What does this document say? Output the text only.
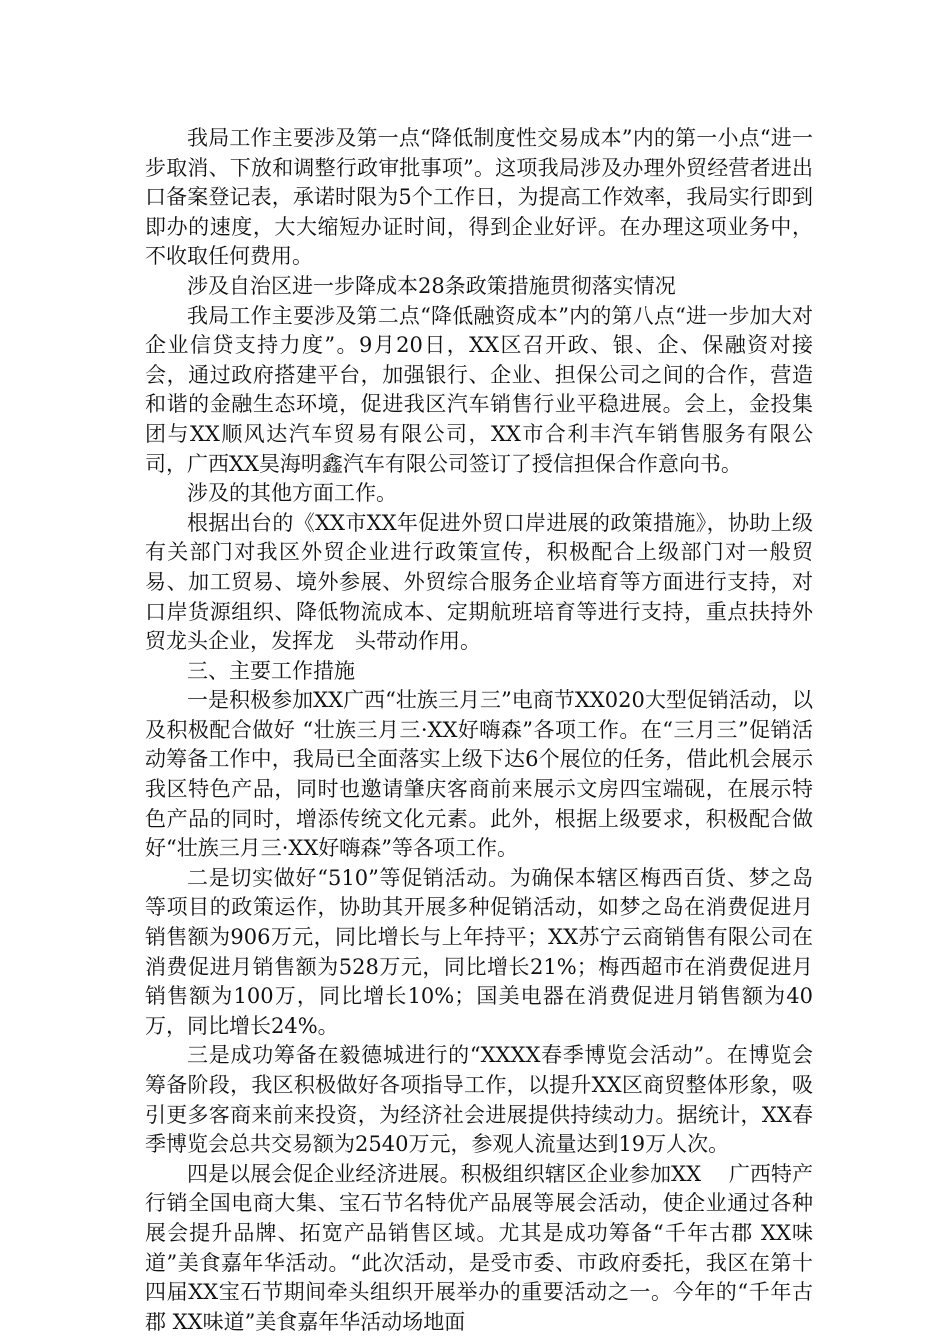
我局工作主要涉及第一点“降低制度性交易成本”内的第一小点“进一步取消、下放和调整行政审批事项”。这项我局涉及办理外贸经营者进出口备案登记表，承诺时限为5个工作日，为提高工作效率，我局实行即到即办的速度，大大缩短办证时间，得到企业好评。在办理这项业务中，不收取任何费用。

涉及自治区进一步降成本28条政策措施贯彻落实情况

我局工作主要涉及第二点“降低融资成本”内的第八点“进一步加大对企业信贷支持力度”。9月20日，XX区召开政、银、企、保融资对接会，通过政府搭建平台，加强银行、企业、担保公司之间的合作，营造和谐的金融生态环境，促进我区汽车销售行业平稳进展。会上，金投集团与XX顺风达汽车贸易有限公司，XX市合利丰汽车销售服务有限公司，广西XX昊海明鑫汽车有限公司签订了授信担保合作意向书。

涉及的其他方面工作。

根据出台的《XX市XX年促进外贸口岸进展的政策措施》，协助上级有关部门对我区外贸企业进行政策宣传，积极配合上级部门对一般贸易、加工贸易、境外参展、外贸综合服务企业培育等方面进行支持，对口岸货源组织、降低物流成本、定期航班培育等进行支持，重点扶持外贸龙头企业，发挥龙　头带动作用。

三、主要工作措施

一是积极参加XX广西“壮族三月三”电商节XX020大型促销活动，以及积极配合做好 “壮族三月三·XX好嗨森”各项工作。在“三月三”促销活动筹备工作中，我局已全面落实上级下达6个展位的任务，借此机会展示我区特色产品，同时也邀请肇庆客商前来展示文房四宝端砚，在展示特色产品的同时，增添传统文化元素。此外，根据上级要求，积极配合做好“壮族三月三·XX好嗨森”等各项工作。

二是切实做好“510”等促销活动。为确保本辖区梅西百货、梦之岛等项目的政策运作，协助其开展多种促销活动，如梦之岛在消费促进月销售额为906万元，同比增长与上年持平；XX苏宁云商销售有限公司在消费促进月销售额为528万元，同比增长21%；梅西超市在消费促进月销售额为100万，同比增长10%；国美电器在消费促进月销售额为40万，同比增长24%。

三是成功筹备在毅德城进行的“XXXX春季博览会活动”。在博览会筹备阶段，我区积极做好各项指导工作，以提升XX区商贸整体形象，吸引更多客商来前来投资，为经济社会进展提供持续动力。据统计，XX春季博览会总共交易额为2540万元，参观人流量达到19万人次。

四是以展会促企业经济进展。积极组织辖区企业参加XX　 广西特产行销全国电商大集、宝石节名特优产品展等展会活动，使企业通过各种展会提升品牌、拓宽产品销售区域。尤其是成功筹备“千年古郡 XX味道”美食嘉年华活动。“此次活动，是受市委、市政府委托，我区在第十四届XX宝石节期间牵头组织开展举办的重要活动之一。今年的“千年古郡 XX味道”美食嘉年华活动场地面
